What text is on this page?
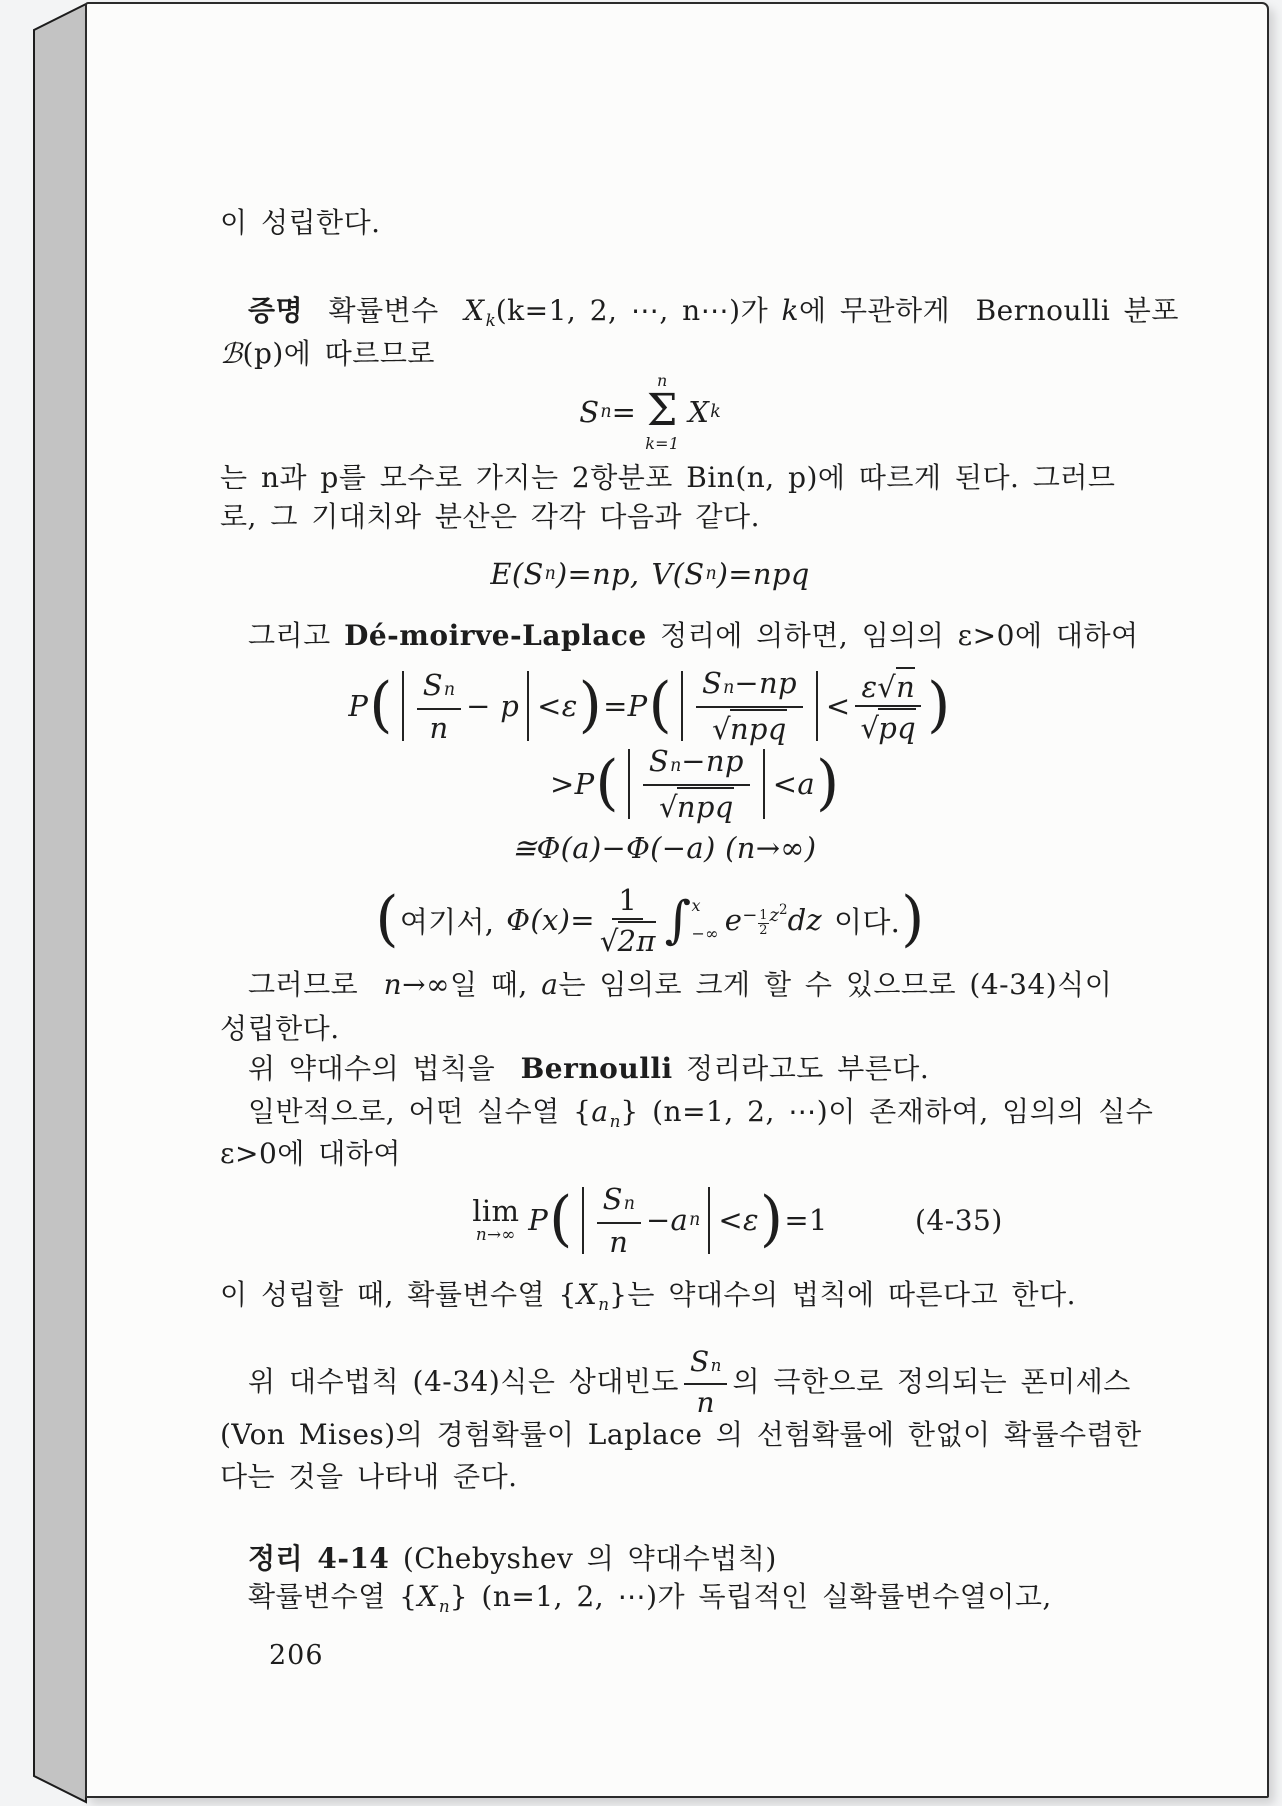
이 성립한다.
증명 확률변수 $X_k(k=1$, 2, ⋯, n⋯)가 k에 무관하게 Bernoulli 분포
ℬ(p)에 따르므로
S n =
n
Σ
k=1
X k
는 n과 p를 모수로 가지는 2항분포 Bin(n, p)에 따르게 된다. 그러므
로, 그 기대치와 분산은 각각 다음과 같다.
E(S n )=np, V(S n )=npq
그리고 Dé-moirve-Laplace 정리에 의하면, 임의의 ε>0에 대하여
P ( $\frac{\text{S n}}{n} - p <\varepsilon$ ) =P ( $\frac{\text{S n −np}}{\text{√ npq}} < \frac{\varepsilon√ n}{√ pq}$ )
>P ( $\frac{\text{S n −np}}{\text{√ npq}} <a$ )
≅Φ(a)−Φ(−a) (n→∞)
( 여기서, $\Phi(x)= \frac{1}{√ 2\pi}$ ∫ x
−∞ $e - \frac{1}{2} z^2$ dz 이다. )
그러므로 n→∞일 때, a는 임의로 크게 할 수 있으므로 (4-34)식이
성립한다.
위 약대수의 법칙을 Bernoulli 정리라고도 부른다.
일반적으로, 어떤 실수열 $\{a_n\}$ (n=1, 2, ⋯)이 존재하여, 임의의 실수
ε>0에 대하여
lim
n→∞ P ( $\frac{\text{S n}}{n} -a$ n <ε ) =1	(4-35)
이 성립할 때, 확률변수열 $\{X_n\}$는 약대수의 법칙에 따른다고 한다.
위 대수법칙 (4-34)식은 상대빈도 $\frac{\text{S n}}{n}$ 의 극한으로 정의되는 폰미세스
(Von Mises)의 경험확률이 Laplace 의 선험확률에 한없이 확률수렴한
다는 것을 나타내 준다.
정리 4-14 (Chebyshev 의 약대수법칙)
확률변수열 $\{X_n\}$ (n=1, 2, ⋯)가 독립적인 실확률변수열이고,
206
